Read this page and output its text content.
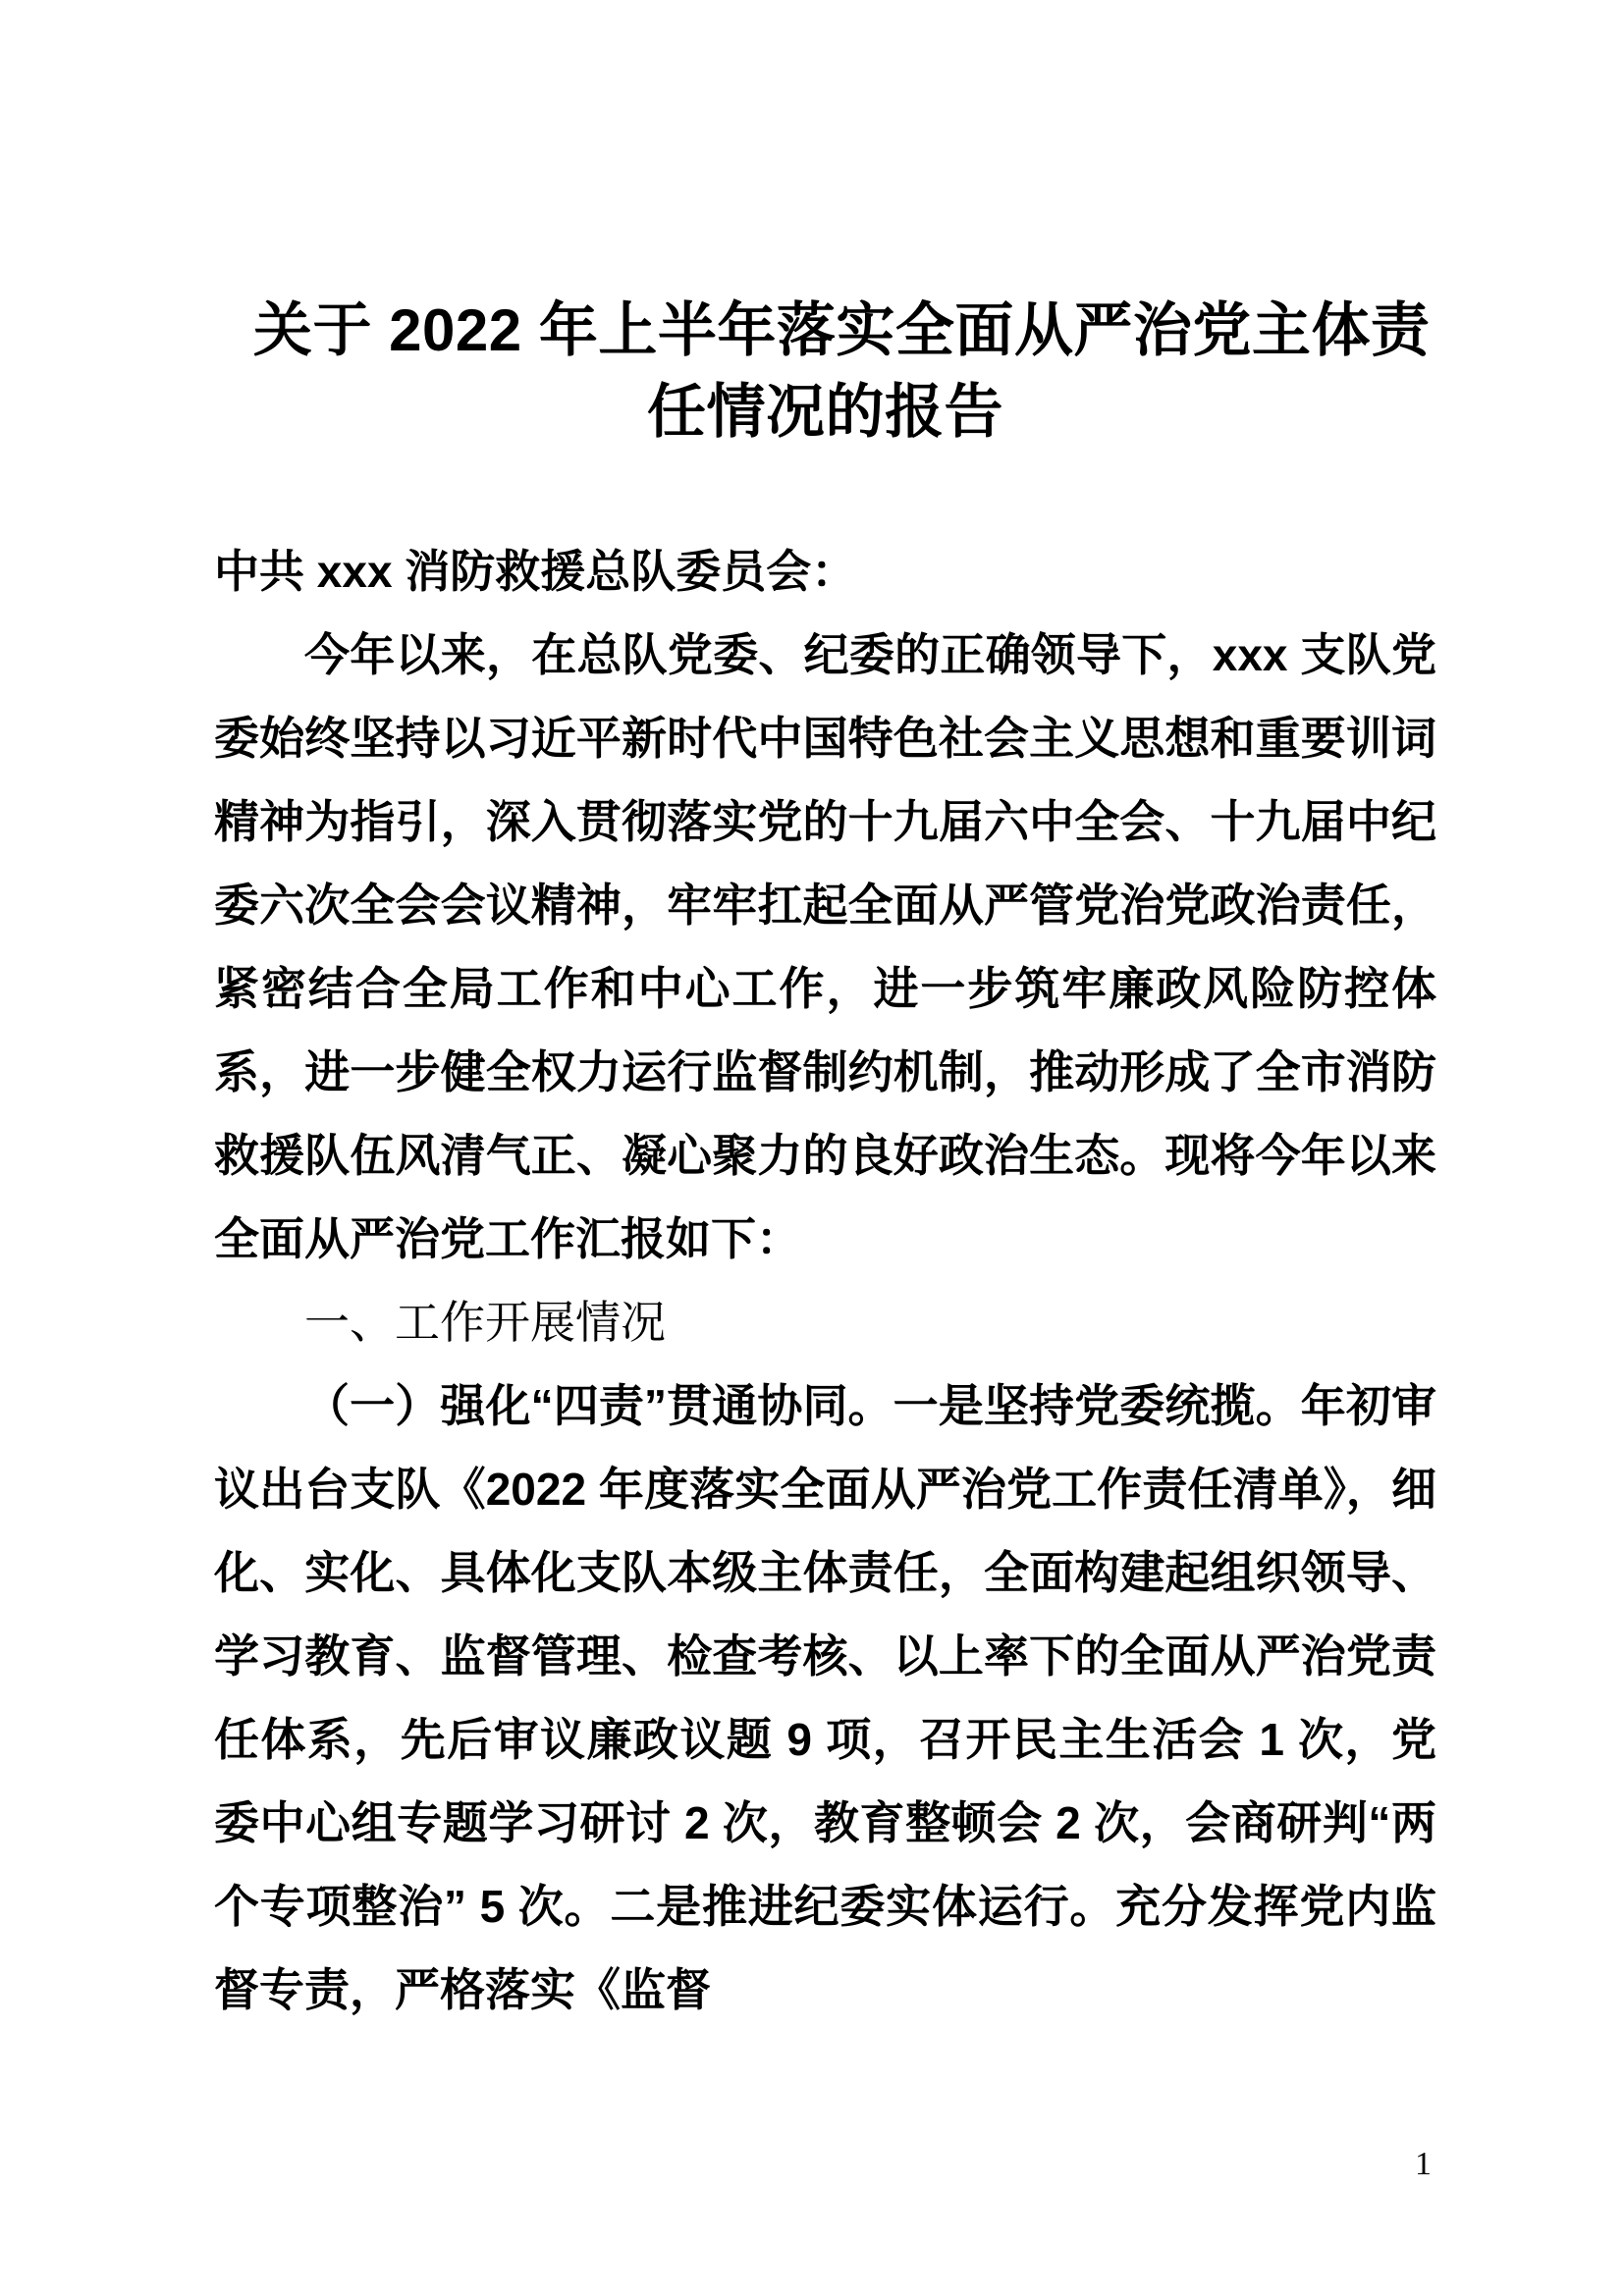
关于 2022 年上半年落实全面从严治党主体责
任情况的报告

中共 xxx 消防救援总队委员会：

今年以来，在总队党委、纪委的正确领导下，xxx 支队党委始终坚持以习近平新时代中国特色社会主义思想和重要训词精神为指引，深入贯彻落实党的十九届六中全会、十九届中纪委六次全会会议精神，牢牢扛起全面从严管党治党政治责任，紧密结合全局工作和中心工作，进一步筑牢廉政风险防控体系，进一步健全权力运行监督制约机制，推动形成了全市消防救援队伍风清气正、凝心聚力的良好政治生态。现将今年以来全面从严治党工作汇报如下：

一、工作开展情况

（一）强化“四责”贯通协同。一是坚持党委统揽。年初审议出台支队《2022 年度落实全面从严治党工作责任清单》，细化、实化、具体化支队本级主体责任，全面构建起组织领导、学习教育、监督管理、检查考核、以上率下的全面从严治党责任体系，先后审议廉政议题 9 项，召开民主生活会 1 次，党委中心组专题学习研讨 2 次，教育整顿会 2 次，会商研判“两个专项整治” 5 次。二是推进纪委实体运行。充分发挥党内监督专责，严格落实《监督

1
